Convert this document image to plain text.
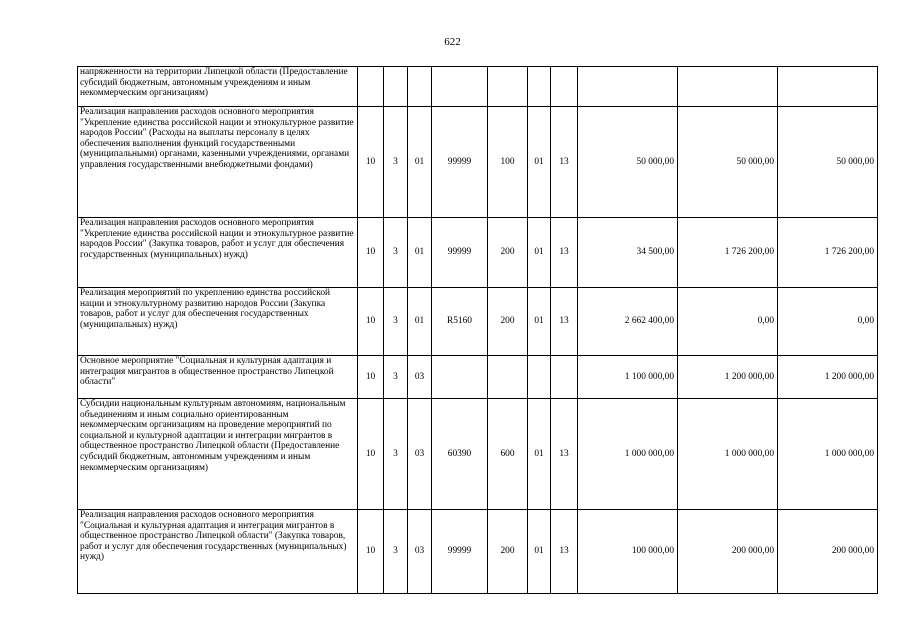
622
напряженности на территории Липецкой области (Предоставление субсидий бюджетным, автономным учреждениям и иным некоммерческим организациям)										
Реализация направления расходов основного мероприятия "Укрепление единства российской нации и этнокультурное развитие народов России" (Расходы на выплаты персоналу в целях обеспечения выполнения функций государственными (муниципальными) органами, казенными учреждениями, органами управления государственными внебюджетными фондами)	10	3	01	99999	100	01	13	50 000,00	50 000,00	50 000,00
Реализация направления расходов основного мероприятия "Укрепление единства российской нации и этнокультурное развитие народов России" (Закупка товаров, работ и услуг для обеспечения государственных (муниципальных) нужд)	10	3	01	99999	200	01	13	34 500,00	1 726 200,00	1 726 200,00
Реализация мероприятий по укреплению единства российской нации и этнокультурному развитию народов России (Закупка товаров, работ и услуг для обеспечения государственных (муниципальных) нужд)	10	3	01	R5160	200	01	13	2 662 400,00	0,00	0,00
Основное мероприятие "Социальная и культурная адаптация и интеграция мигрантов в общественное пространство Липецкой области"	10	3	03					1 100 000,00	1 200 000,00	1 200 000,00
Субсидии национальным культурным автономиям, национальным объединениям и иным социально ориентированным некоммерческим организациям на проведение мероприятий по социальной и культурной адаптации и интеграции мигрантов в общественное пространство Липецкой области (Предоставление субсидий бюджетным, автономным учреждениям и иным некоммерческим организациям)	10	3	03	60390	600	01	13	1 000 000,00	1 000 000,00	1 000 000,00
Реализация направления расходов основного мероприятия "Социальная и культурная адаптация и интеграция мигрантов в общественное пространство Липецкой области" (Закупка товаров, работ и услуг для обеспечения государственных (муниципальных) нужд)	10	3	03	99999	200	01	13	100 000,00	200 000,00	200 000,00
